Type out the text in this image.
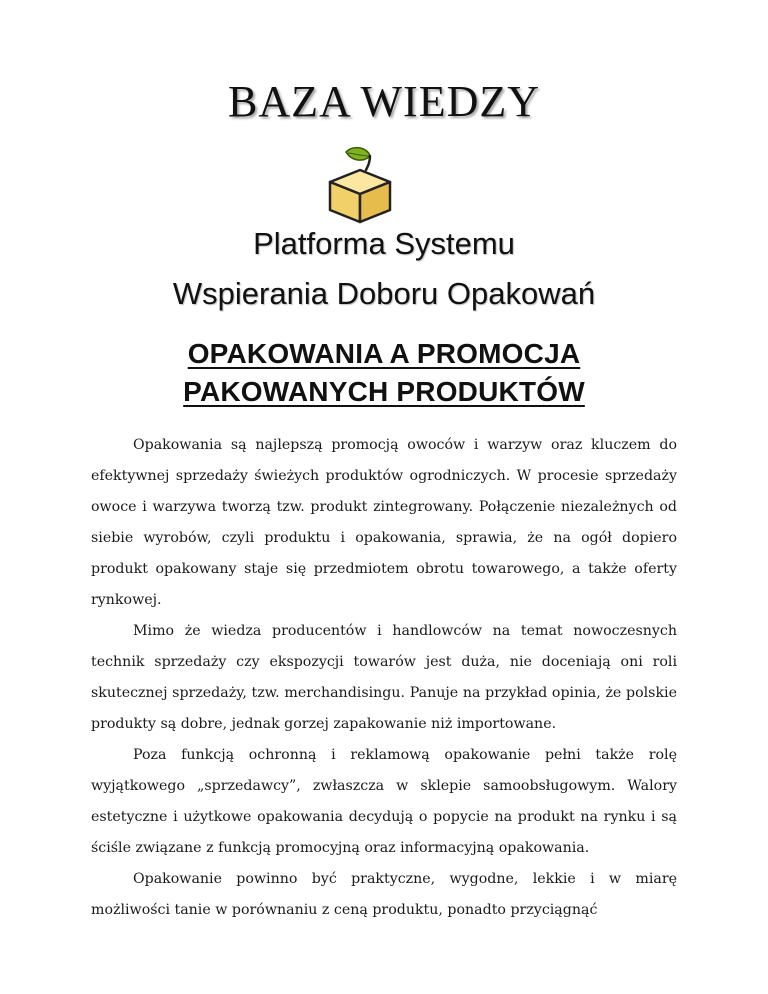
BAZA WIEDZY
Platforma Systemu
Wspierania Doboru Opakowań
OPAKOWANIA A PROMOCJA
PAKOWANYCH PRODUKTÓW

Opakowania są najlepszą promocją owoców i warzyw oraz kluczem do efektywnej sprzedaży świeżych produktów ogrodniczych. W procesie sprzedaży owoce i warzywa tworzą tzw. produkt zintegrowany. Połączenie niezależnych od siebie wyrobów, czyli produktu i opakowania, sprawia, że na ogół dopiero produkt opakowany staje się przedmiotem obrotu towarowego, a także oferty rynkowej.

Mimo że wiedza producentów i handlowców na temat nowoczesnych technik sprzedaży czy ekspozycji towarów jest duża, nie doceniają oni roli skutecznej sprzedaży, tzw. merchandisingu. Panuje na przykład opinia, że polskie produkty są dobre, jednak gorzej zapakowanie niż importowane.

Poza funkcją ochronną i reklamową opakowanie pełni także rolę wyjątkowego „sprzedawcy”, zwłaszcza w sklepie samoobsługowym. Walory estetyczne i użytkowe opakowania decydują o popycie na produkt na rynku i są ściśle związane z funkcją promocyjną oraz informacyjną opakowania.

Opakowanie powinno być praktyczne, wygodne, lekkie i w miarę możliwości tanie w porównaniu z ceną produktu, ponadto przyciągnąć
